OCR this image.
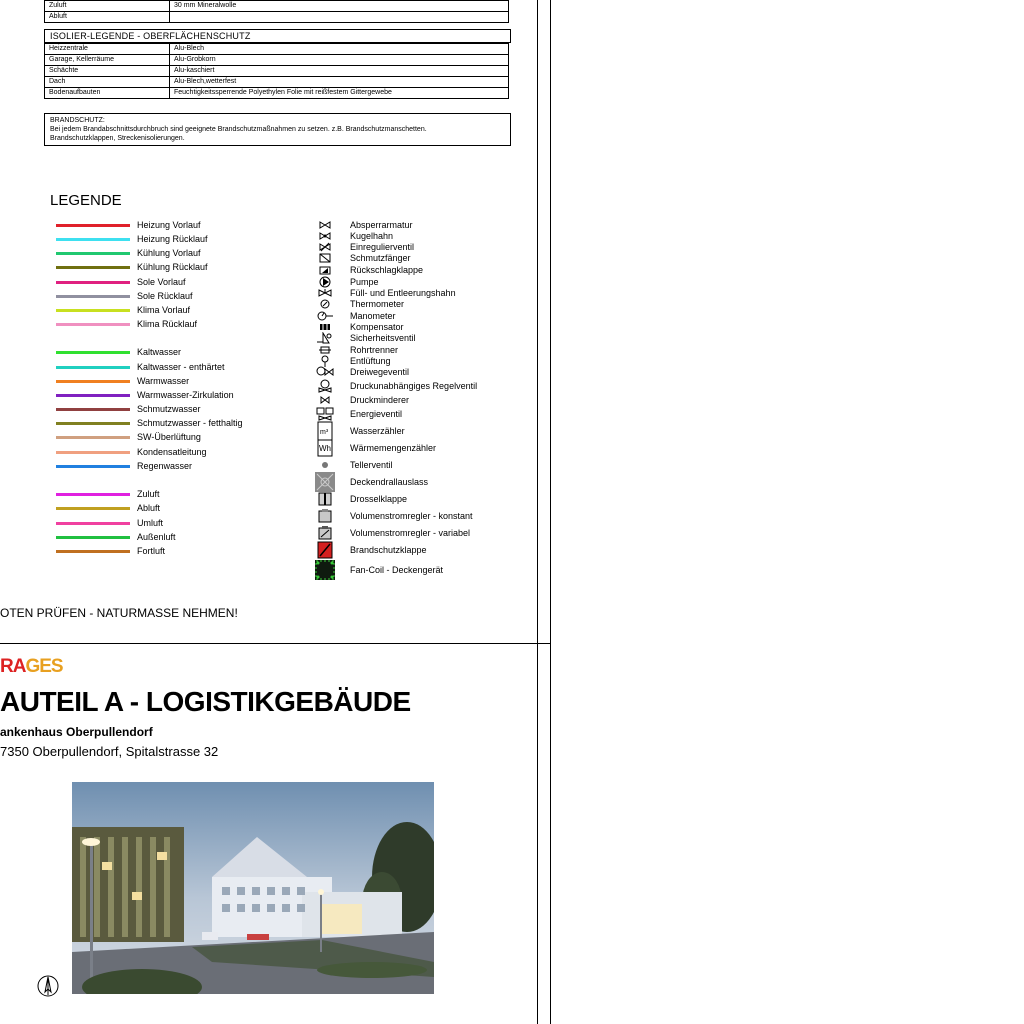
Zuluft	30 mm Mineralwolle
Abluft	
ISOLIER-LEGENDE - OBERFLÄCHENSCHUTZ
Heizzentrale	Alu-Blech
Garage, Kellerräume	Alu-Grobkorn
Schächte	Alu-kaschiert
Dach	Alu-Blech,wetterfest
Bodenaufbauten	Feuchtigkeitssperrende Polyethylen Folie mit reißfestem Gittergewebe
BRANDSCHUTZ:
Bei jedem Brandabschnittsdurchbruch sind geeignete Brandschutzmaßnahmen zu setzen. z.B. Brandschutzmanschetten.
Brandschutzklappen, Streckenisolierungen.
LEGENDE
Heizung Vorlauf
Heizung Rücklauf
Kühlung Vorlauf
Kühlung Rücklauf
Sole Vorlauf
Sole Rücklauf
Klima Vorlauf
Klima Rücklauf
Kaltwasser
Kaltwasser - enthärtet
Warmwasser
Warmwasser-Zirkulation
Schmutzwasser
Schmutzwasser - fetthaltig
SW-Überlüftung
Kondensatleitung
Regenwasser
Zuluft
Abluft
Umluft
Außenluft
Fortluft
Absperrarmatur
Kugelhahn
Einregulierventil
Schmutzfänger
Rückschlagklappe
Pumpe
Füll- und Entleerungshahn
Thermometer
Manometer
Kompensator
Sicherheitsventil
Rohrtrenner
Entlüftung
Dreiwegeventil
Druckunabhängiges Regelventil
Druckminderer
Energieventil
m³ Wasserzähler
Wh Wärmemengenzähler
Tellerventil
Deckendrallauslass
Drosselklappe
Volumenstromregler - konstant
Volumenstromregler - variabel
Brandschutzklappe
Fan-Coil - Deckengerät
OTEN PRÜFEN - NATURMASSE NEHMEN!
RAGES
AUTEIL A - LOGISTIKGEBÄUDE
ankenhaus Oberpullendorf
7350 Oberpullendorf, Spitalstrasse 32
